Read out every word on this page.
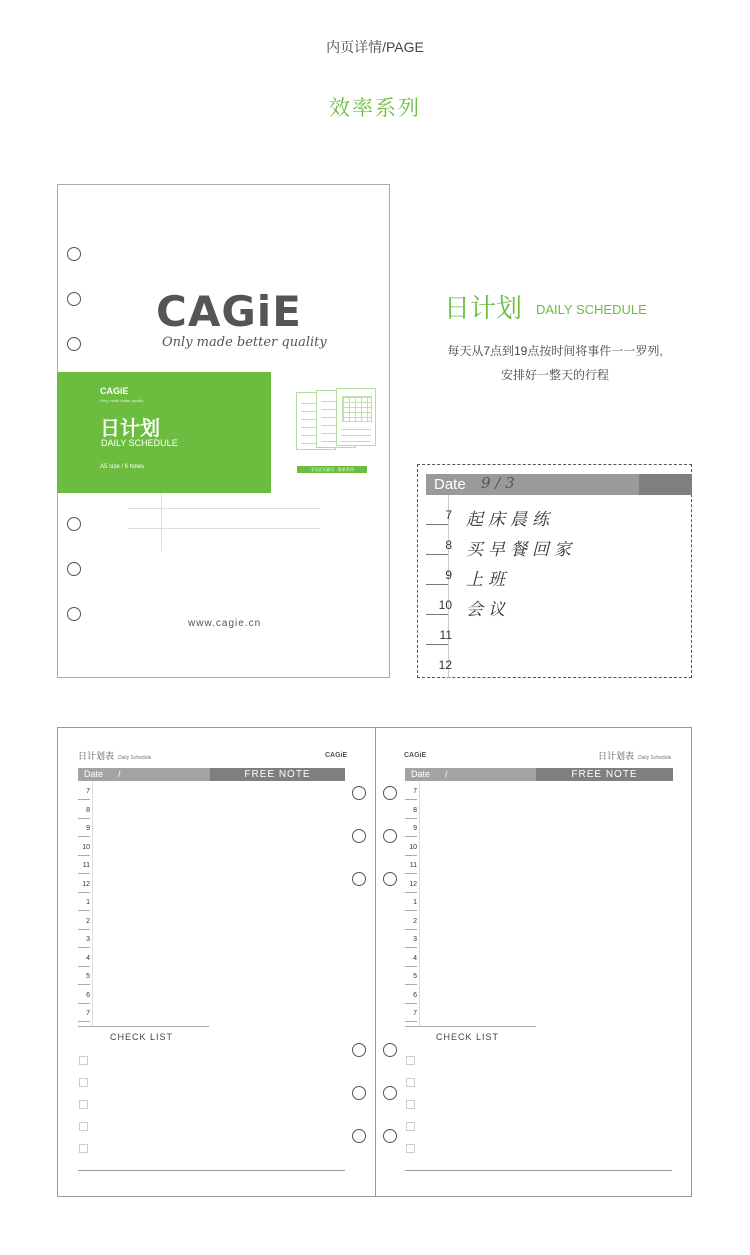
内页详情/PAGE
效率系列
CAGiE
Only made better quality
CAGiE
Only made better quality
日计划
DAILY SCHEDULE
A5 size / 6 holes	半页活页插页 · 简单系列
www.cagie.cn
日计划 DAILY SCHEDULE
每天从7点到19点按时间将事件一一罗列,
安排好一整天的行程
Date 9 / 3
7 起床晨练
8 买早餐回家
9 上班
10 会议
11
12
日计划表 Daily Schedule	CAGiE
Date /	FREE NOTE
CHECK LIST
7
8
9
10
11
12
1
2
3
4
5
6
7
CAGiE	日计划表 Daily Schedule
Date /	FREE NOTE
CHECK LIST
7
8
9
10
11
12
1
2
3
4
5
6
7
